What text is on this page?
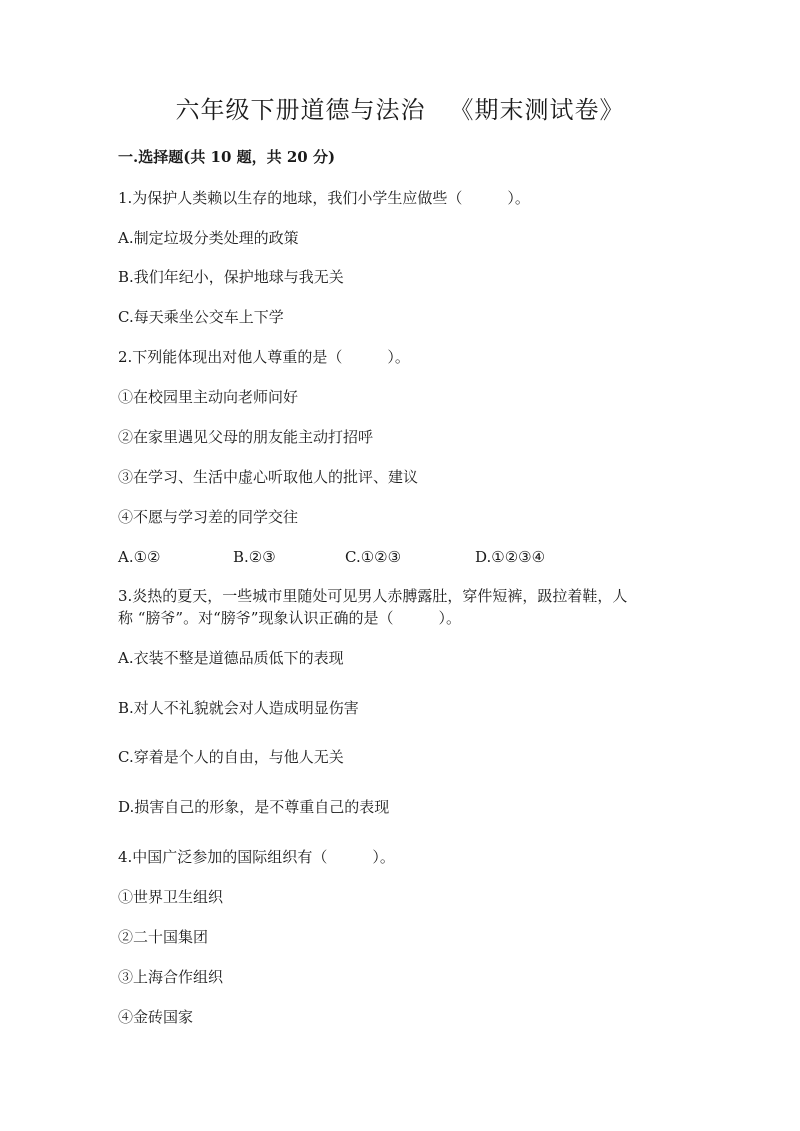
六年级下册道德与法治 《期末测试卷》
一.选择题(共 10 题，共 20 分)
1.为保护人类赖以生存的地球，我们小学生应做些（　　　）。
A.制定垃圾分类处理的政策
B.我们年纪小，保护地球与我无关
C.每天乘坐公交车上下学
2.下列能体现出对他人尊重的是（　　　）。
①在校园里主动向老师问好
②在家里遇见父母的朋友能主动打招呼
③在学习、生活中虚心听取他人的批评、建议
④不愿与学习差的同学交往
A.①②	B.②③	C.①②③	D.①②③④
3.炎热的夏天，一些城市里随处可见男人赤膊露肚，穿件短裤，趿拉着鞋，人
称 “膀爷”。对“膀爷”现象认识正确的是（　　　）。
A.衣装不整是道德品质低下的表现
B.对人不礼貌就会对人造成明显伤害
C.穿着是个人的自由，与他人无关
D.损害自己的形象，是不尊重自己的表现
4.中国广泛参加的国际组织有（　　　）。
①世界卫生组织
②二十国集团
③上海合作组织
④金砖国家
